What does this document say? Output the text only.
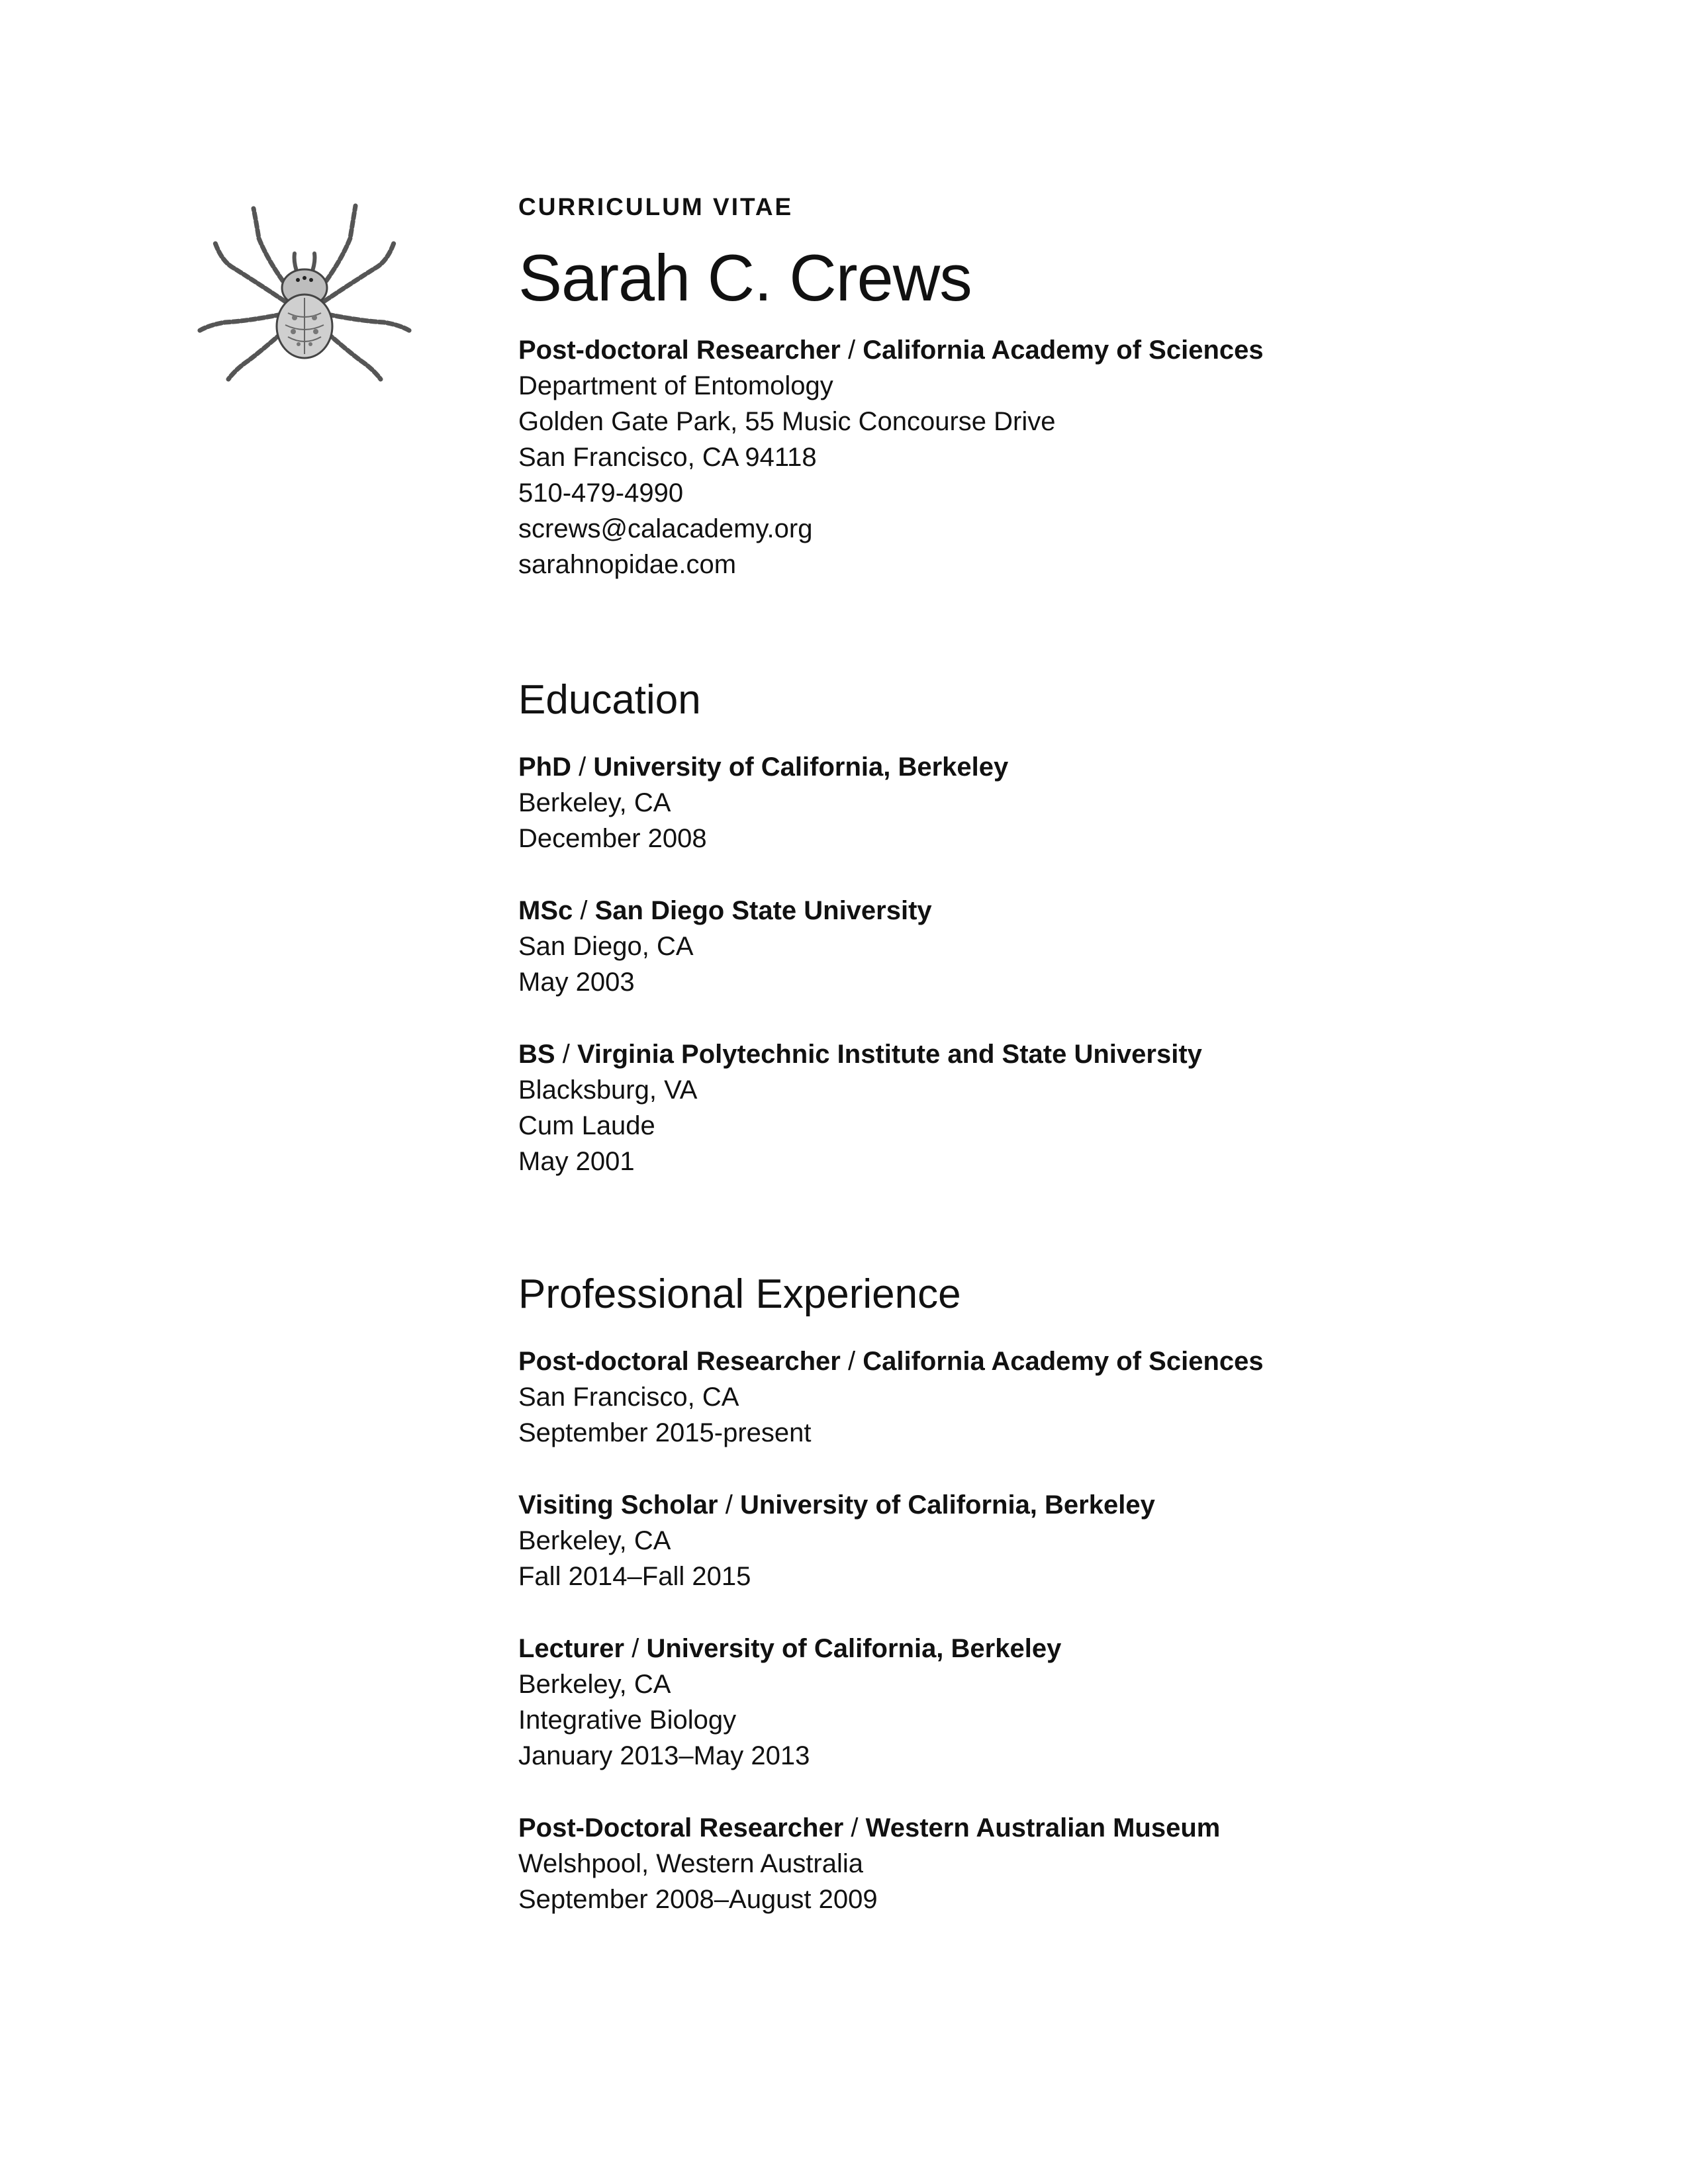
CURRICULUM VITAE

Sarah C. Crews

Post-doctoral Researcher / California Academy of Sciences

Department of Entomology

Golden Gate Park, 55 Music Concourse Drive

San Francisco, CA 94118

510-479-4990

screws@calacademy.org

sarahnopidae.com

Education

PhD / University of California, Berkeley

Berkeley, CA

December 2008

MSc / San Diego State University

San Diego, CA

May 2003

BS / Virginia Polytechnic Institute and State University

Blacksburg, VA

Cum Laude

May 2001

Professional Experience

Post-doctoral Researcher / California Academy of Sciences

San Francisco, CA

September 2015-present

Visiting Scholar / University of California, Berkeley

Berkeley, CA

Fall 2014–Fall 2015

Lecturer / University of California, Berkeley

Berkeley, CA

Integrative Biology

January 2013–May 2013

Post-Doctoral Researcher / Western Australian Museum

Welshpool, Western Australia

September 2008–August 2009
